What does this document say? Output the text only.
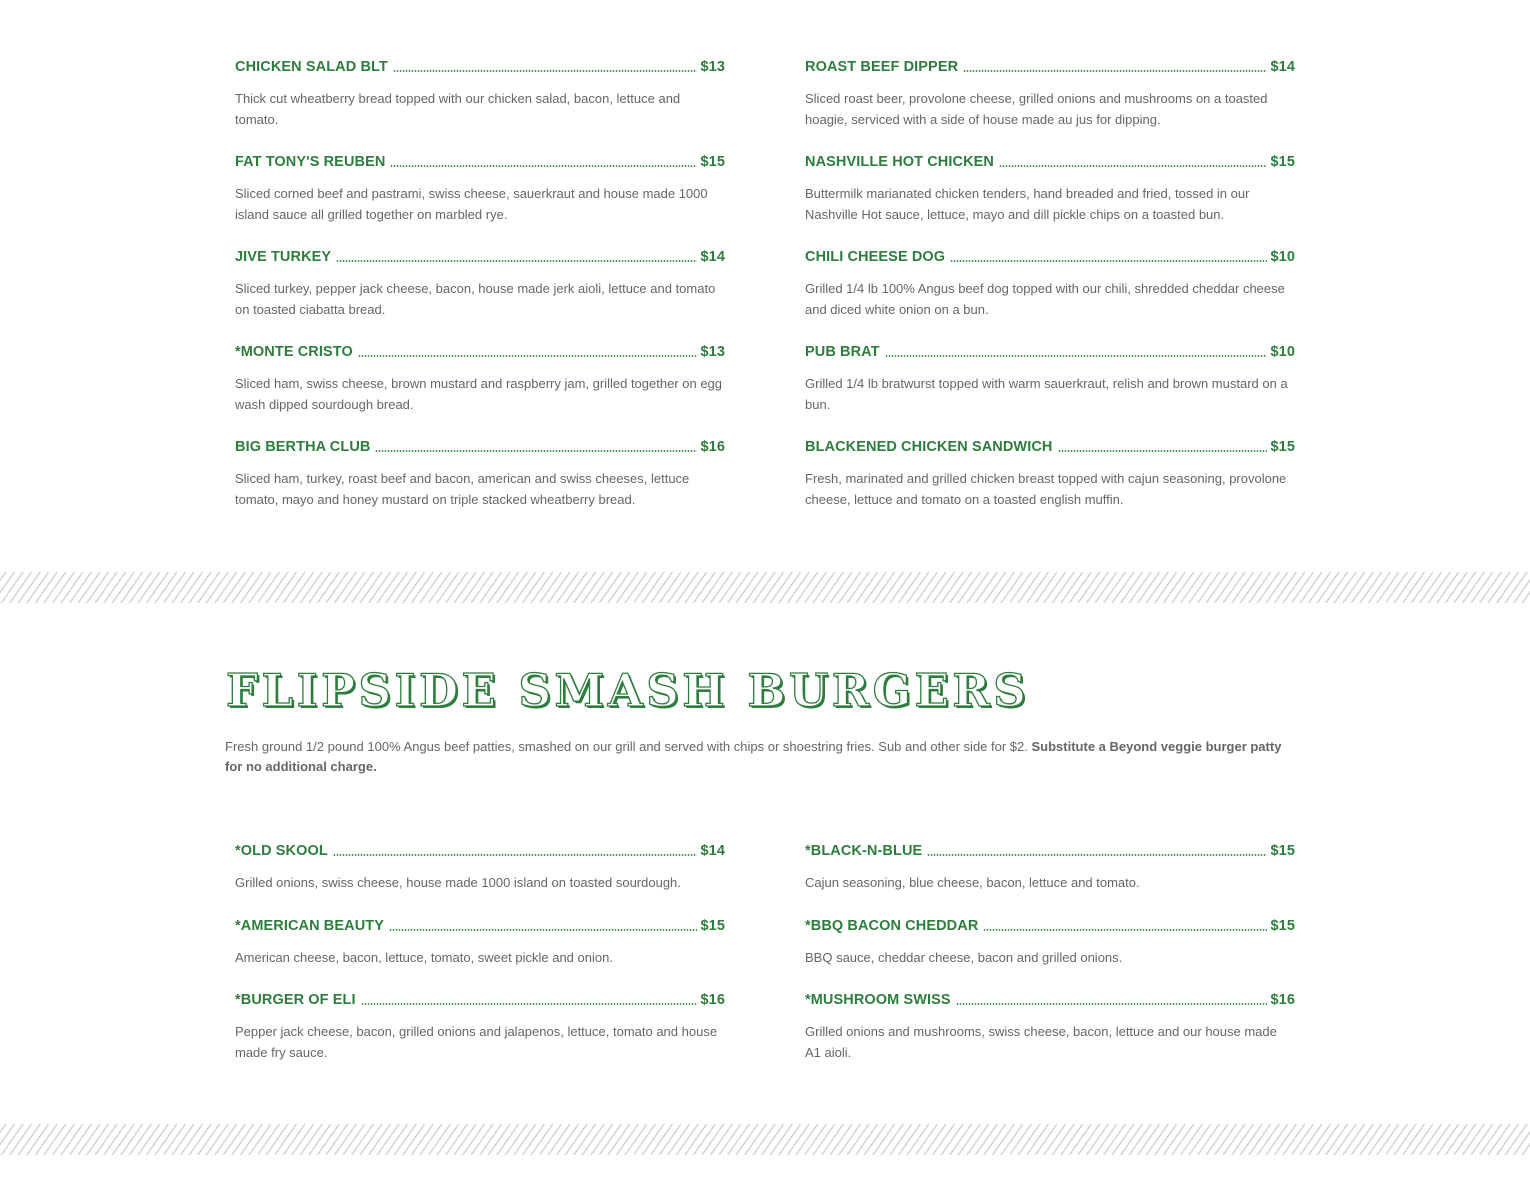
CHICKEN SALAD BLT	$13

Thick cut wheatberry bread topped with our chicken salad, bacon, lettuce and tomato.

FAT TONY'S REUBEN	$15

Sliced corned beef and pastrami, swiss cheese, sauerkraut and house made 1000 island sauce all grilled together on marbled rye.

JIVE TURKEY	$14

Sliced turkey, pepper jack cheese, bacon, house made jerk aioli, lettuce and tomato on toasted ciabatta bread.

*MONTE CRISTO	$13

Sliced ham, swiss cheese, brown mustard and raspberry jam, grilled together on egg wash dipped sourdough bread.

BIG BERTHA CLUB	$16

Sliced ham, turkey, roast beef and bacon, american and swiss cheeses, lettuce tomato, mayo and honey mustard on triple stacked wheatberry bread.

ROAST BEEF DIPPER	$14

Sliced roast beer, provolone cheese, grilled onions and mushrooms on a toasted hoagie, serviced with a side of house made au jus for dipping.

NASHVILLE HOT CHICKEN	$15

Buttermilk marianated chicken tenders, hand breaded and fried, tossed in our Nashville Hot sauce, lettuce, mayo and dill pickle chips on a toasted bun.

CHILI CHEESE DOG	$10

Grilled 1/4 lb 100% Angus beef dog topped with our chili, shredded cheddar cheese and diced white onion on a bun.

PUB BRAT	$10

Grilled 1/4 lb bratwurst topped with warm sauerkraut, relish and brown mustard on a bun.

BLACKENED CHICKEN SANDWICH	$15

Fresh, marinated and grilled chicken breast topped with cajun seasoning, provolone cheese, lettuce and tomato on a toasted english muffin.

FLIPSIDE SMASH BURGERS

Fresh ground 1/2 pound 100% Angus beef patties, smashed on our grill and served with chips or shoestring fries. Sub and other side for $2. Substitute a Beyond veggie burger patty for no additional charge.

*OLD SKOOL	$14

Grilled onions, swiss cheese, house made 1000 island on toasted sourdough.

*AMERICAN BEAUTY	$15

American cheese, bacon, lettuce, tomato, sweet pickle and onion.

*BURGER OF ELI	$16

Pepper jack cheese, bacon, grilled onions and jalapenos, lettuce, tomato and house made fry sauce.

*BLACK-N-BLUE	$15

Cajun seasoning, blue cheese, bacon, lettuce and tomato.

*BBQ BACON CHEDDAR	$15

BBQ sauce, cheddar cheese, bacon and grilled onions.

*MUSHROOM SWISS	$16

Grilled onions and mushrooms, swiss cheese, bacon, lettuce and our house made A1 aioli.
